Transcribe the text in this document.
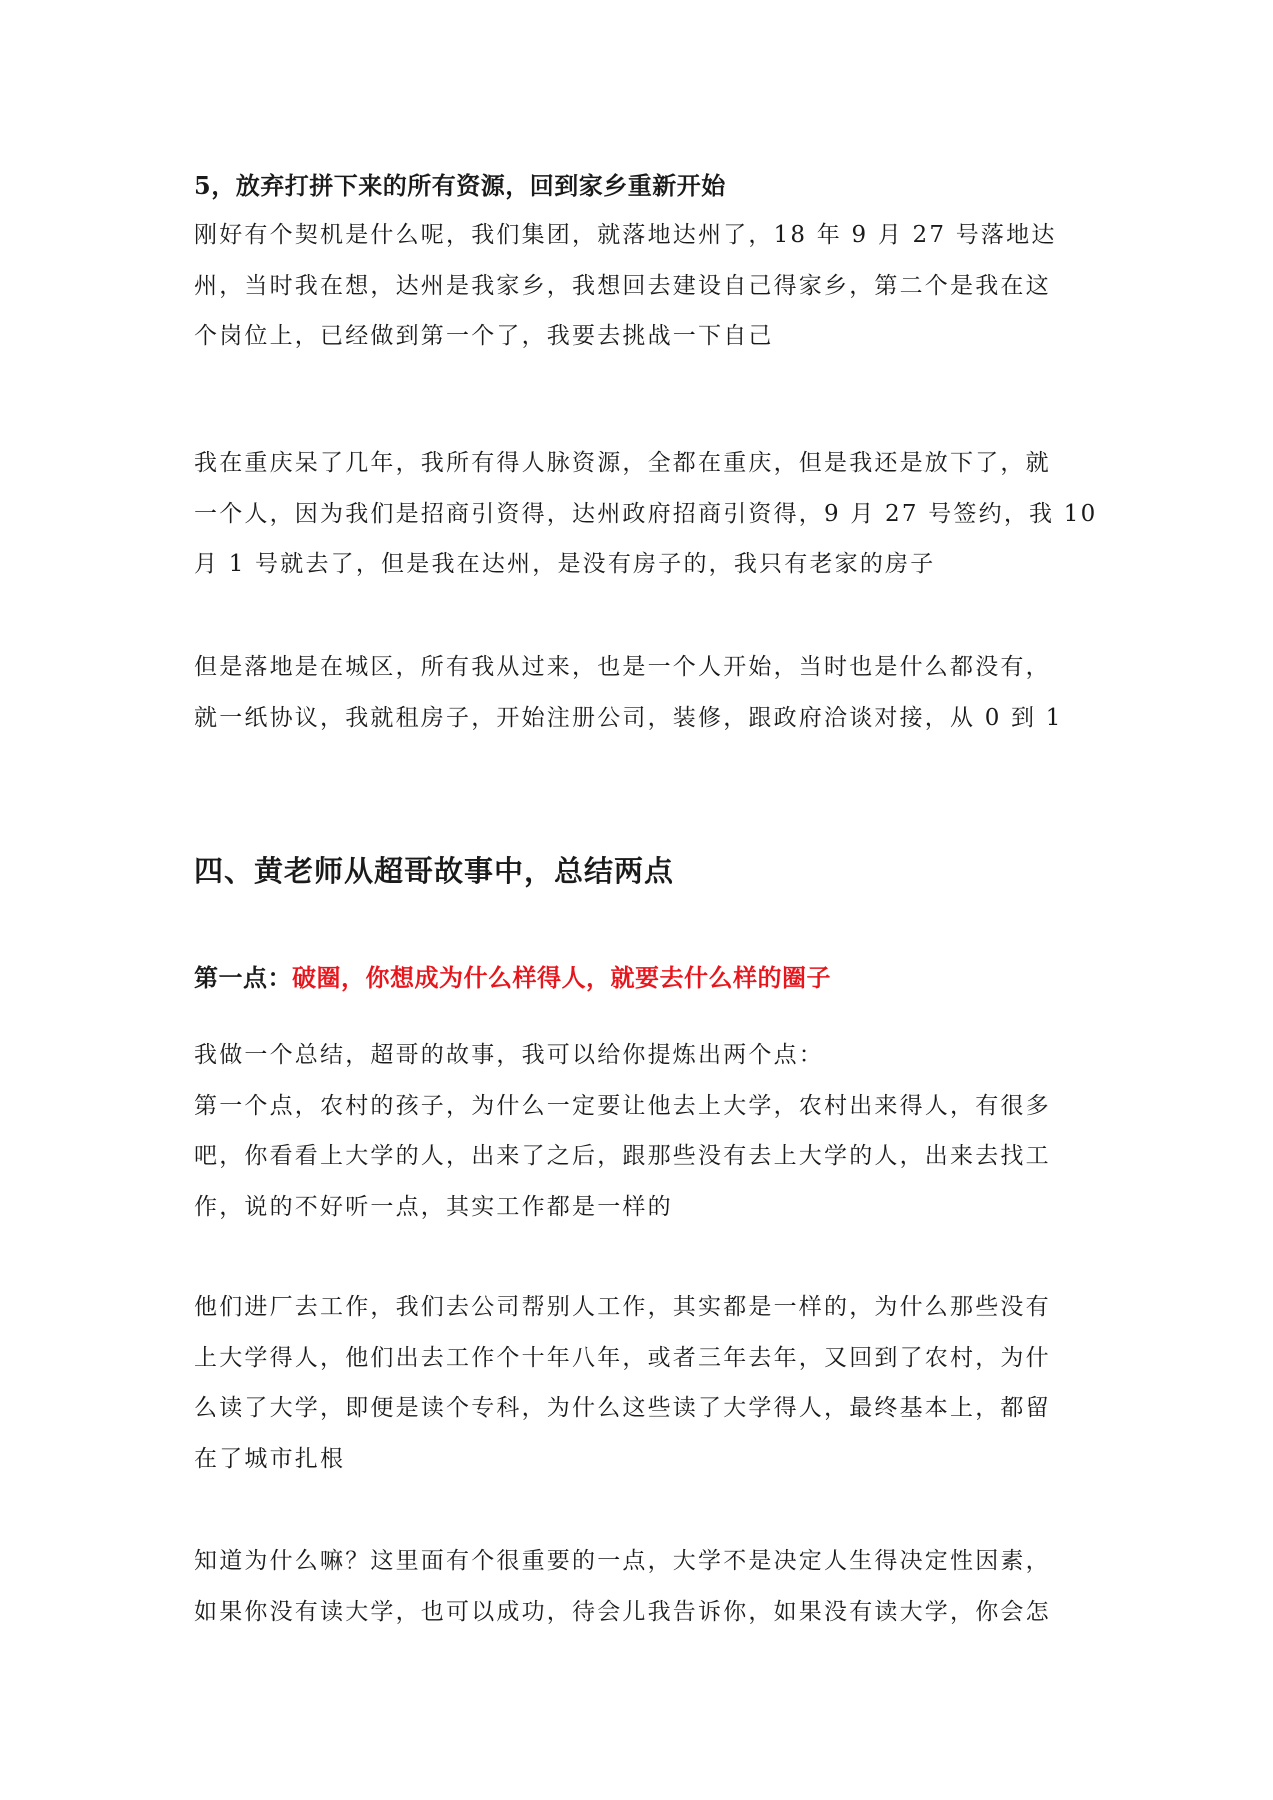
5，放弃打拼下来的所有资源，回到家乡重新开始

刚好有个契机是什么呢，我们集团，就落地达州了，18 年 9 月 27 号落地达
州，当时我在想，达州是我家乡，我想回去建设自己得家乡，第二个是我在这
个岗位上，已经做到第一个了，我要去挑战一下自己

我在重庆呆了几年，我所有得人脉资源，全都在重庆，但是我还是放下了，就
一个人，因为我们是招商引资得，达州政府招商引资得，9 月 27 号签约，我 10
月 1 号就去了，但是我在达州，是没有房子的，我只有老家的房子

但是落地是在城区，所有我从过来，也是一个人开始，当时也是什么都没有，
就一纸协议，我就租房子，开始注册公司，装修，跟政府洽谈对接，从 0 到 1

四、黄老师从超哥故事中，总结两点
第一点：破圈，你想成为什么样得人，就要去什么样的圈子

我做一个总结，超哥的故事，我可以给你提炼出两个点：
第一个点，农村的孩子，为什么一定要让他去上大学，农村出来得人，有很多
吧，你看看上大学的人，出来了之后，跟那些没有去上大学的人，出来去找工
作，说的不好听一点，其实工作都是一样的

他们进厂去工作，我们去公司帮别人工作，其实都是一样的，为什么那些没有
上大学得人，他们出去工作个十年八年，或者三年去年，又回到了农村，为什
么读了大学，即便是读个专科，为什么这些读了大学得人，最终基本上，都留
在了城市扎根

知道为什么嘛？这里面有个很重要的一点，大学不是决定人生得决定性因素，
如果你没有读大学，也可以成功，待会儿我告诉你，如果没有读大学，你会怎
